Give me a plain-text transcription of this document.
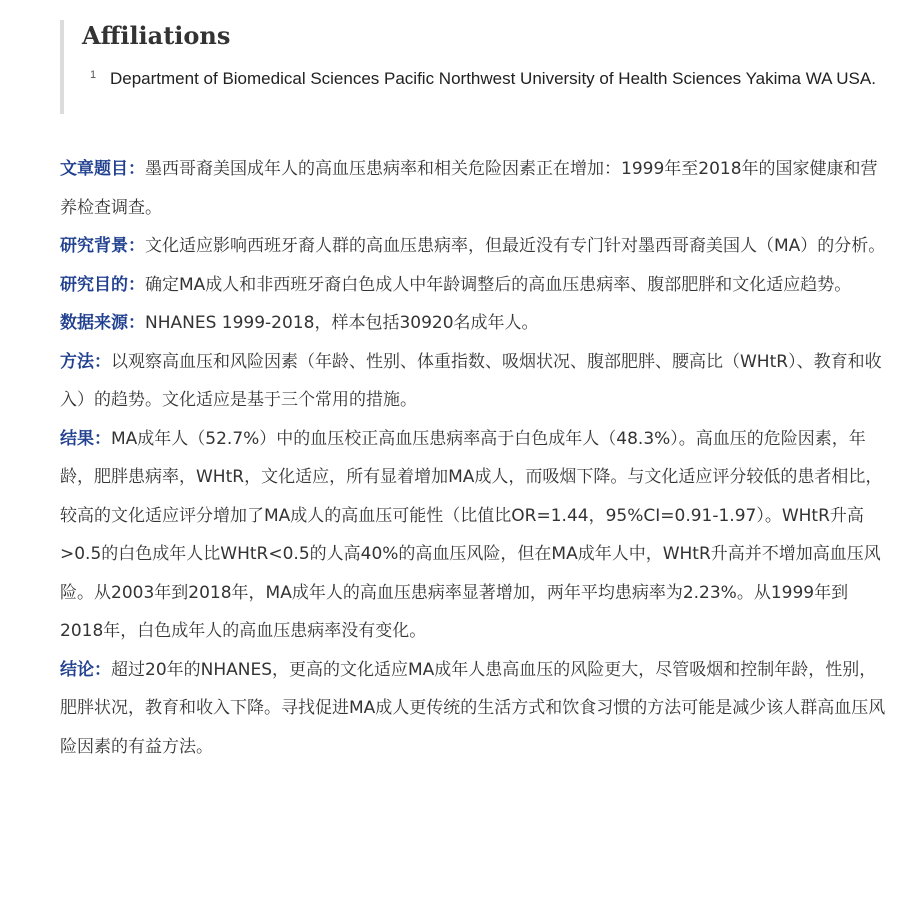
Affiliations
1 Department of Biomedical Sciences Pacific Northwest University of Health Sciences Yakima WA USA.

文章题目：墨西哥裔美国成年人的高血压患病率和相关危险因素正在增加：1999年至2018年的国家健康和营养检查调查。

研究背景：文化适应影响西班牙裔人群的高血压患病率，但最近没有专门针对墨西哥裔美国人（MA）的分析。

研究目的：确定MA成人和非西班牙裔白色成人中年龄调整后的高血压患病率、腹部肥胖和文化适应趋势。

数据来源：NHANES 1999-2018，样本包括30920名成年人。

方法：以观察高血压和风险因素（年龄、性别、体重指数、吸烟状况、腹部肥胖、腰高比（WHtR）、教育和收入）的趋势。文化适应是基于三个常用的措施。

结果：MA成年人（52.7%）中的血压校正高血压患病率高于白色成年人（48.3%）。高血压的危险因素，年龄，肥胖患病率，WHtR，文化适应，所有显着增加MA成人，而吸烟下降。与文化适应评分较低的患者相比，较高的文化适应评分增加了MA成人的高血压可能性（比值比OR=1.44，95%CI=0.91-1.97）。WHtR升高>0.5的白色成年人比WHtR<0.5的人高40%的高血压风险，但在MA成年人中，WHtR升高并不增加高血压风险。从2003年到2018年，MA成年人的高血压患病率显著增加，两年平均患病率为2.23%。从1999年到2018年，白色成年人的高血压患病率没有变化。

结论：超过20年的NHANES，更高的文化适应MA成年人患高血压的风险更大，尽管吸烟和控制年龄，性别，肥胖状况，教育和收入下降。寻找促进MA成人更传统的生活方式和饮食习惯的方法可能是减少该人群高血压风险因素的有益方法。
